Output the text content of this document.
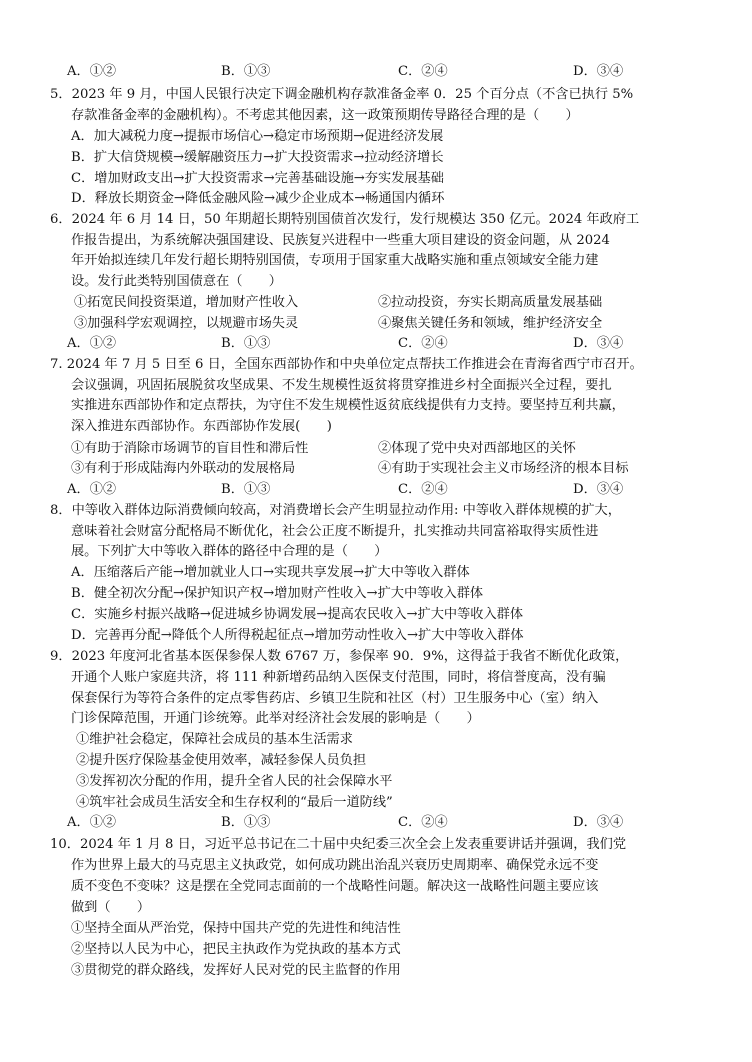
A．①②	B．①③	C．②④	D．③④
5．2023 年 9 月，中国人民银行决定下调金融机构存款准备金率 0．25 个百分点（不含已执行 5%
存款准备金率的金融机构）。不考虑其他因素，这一政策预期传导路径合理的是（　　）
A．加大减税力度→提振市场信心→稳定市场预期→促进经济发展
B．扩大信贷规模→缓解融资压力→扩大投资需求→拉动经济增长
C．增加财政支出→扩大投资需求→完善基础设施→夯实发展基础
D．释放长期资金→降低金融风险→减少企业成本→畅通国内循环
6．2024 年 6 月 14 日，50 年期超长期特别国债首次发行，发行规模达 350 亿元。2024 年政府工
作报告提出，为系统解决强国建设、民族复兴进程中一些重大项目建设的资金问题，从 2024
年开始拟连续几年发行超长期特别国债，专项用于国家重大战略实施和重点领域安全能力建
设。发行此类特别国债意在（　　）
①拓宽民间投资渠道，增加财产性收入	②拉动投资，夯实长期高质量发展基础
③加强科学宏观调控，以规避市场失灵	④聚焦关键任务和领域，维护经济安全
A．①②	B．①③	C．②④	D．③④
7. 2024 年 7 月 5 日至 6 日，全国东西部协作和中央单位定点帮扶工作推进会在青海省西宁市召开。
会议强调，巩固拓展脱贫攻坚成果、不发生规模性返贫将贯穿推进乡村全面振兴全过程，要扎
实推进东西部协作和定点帮扶，为守住不发生规模性返贫底线提供有力支持。要坚持互利共赢，
深入推进东西部协作。东西部协作发展(　　)
①有助于消除市场调节的盲目性和滞后性	②体现了党中央对西部地区的关怀
③有利于形成陆海内外联动的发展格局	④有助于实现社会主义市场经济的根本目标
A．①②	B．①③	C．②④	D．③④
8．中等收入群体边际消费倾向较高，对消费增长会产生明显拉动作用: 中等收入群体规模的扩大，
意味着社会财富分配格局不断优化，社会公正度不断提升，扎实推动共同富裕取得实质性进
展。下列扩大中等收入群体的路径中合理的是（　　）
A．压缩落后产能→增加就业人口→实现共享发展→扩大中等收入群体
B．健全初次分配→保护知识产权→增加财产性收入→扩大中等收入群体
C．实施乡村振兴战略→促进城乡协调发展→提高农民收入→扩大中等收入群体
D．完善再分配→降低个人所得税起征点→增加劳动性收入→扩大中等收入群体
9．2023 年度河北省基本医保参保人数 6767 万，参保率 90．9%，这得益于我省不断优化政策，
开通个人账户家庭共济，将 111 种新增药品纳入医保支付范围，同时，将信誉度高，没有骗
保套保行为等符合条件的定点零售药店、乡镇卫生院和社区（村）卫生服务中心（室）纳入
门诊保障范围，开通门诊统筹。此举对经济社会发展的影响是（　　）
①维护社会稳定，保障社会成员的基本生活需求
②提升医疗保险基金使用效率，减轻参保人员负担
③发挥初次分配的作用，提升全省人民的社会保障水平
④筑牢社会成员生活安全和生存权利的“最后一道防线”
A．①②	B．①③	C．②④	D．③④
10．2024 年 1 月 8 日，习近平总书记在二十届中央纪委三次全会上发表重要讲话并强调，我们党
作为世界上最大的马克思主义执政党，如何成功跳出治乱兴衰历史周期率、确保党永远不变
质不变色不变味？这是摆在全党同志面前的一个战略性问题。解决这一战略性问题主要应该
做到（　　）
①坚持全面从严治党，保持中国共产党的先进性和纯洁性
②坚持以人民为中心，把民主执政作为党执政的基本方式
③贯彻党的群众路线，发挥好人民对党的民主监督的作用
